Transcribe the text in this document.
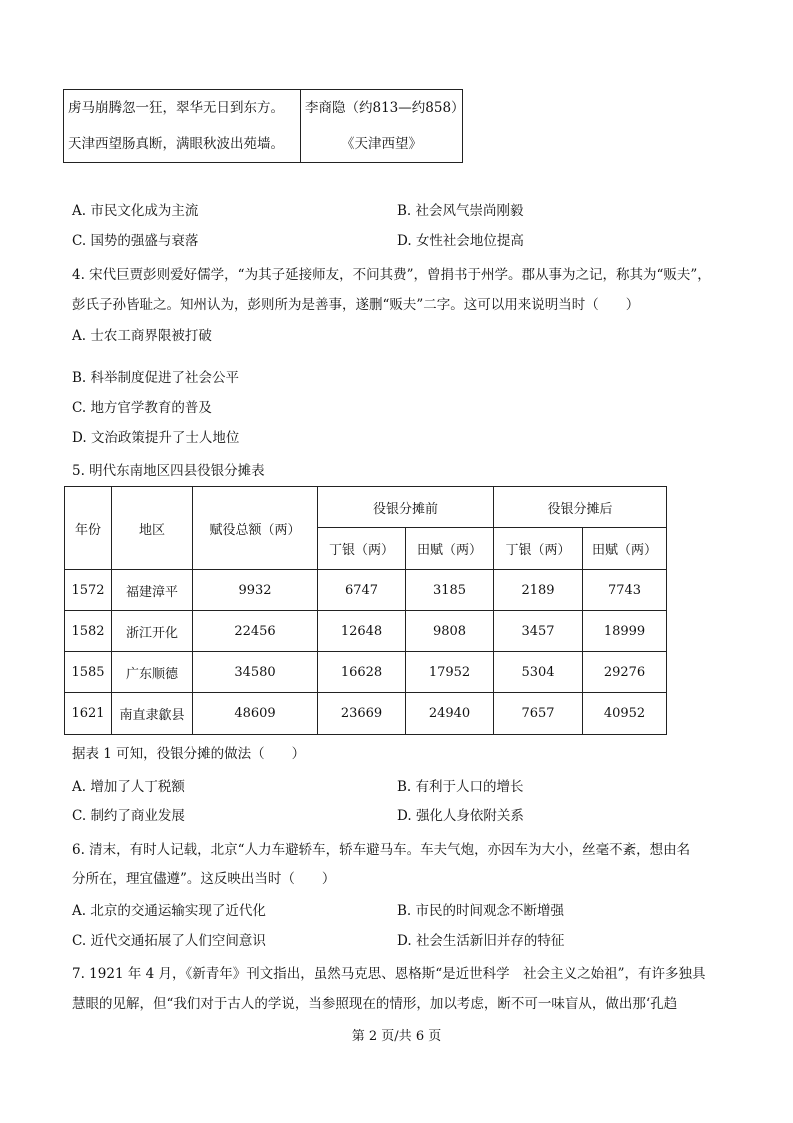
虏马崩腾忽一狂，翠华无日到东方。	李商隐（约813—约858）
天津西望肠真断，满眼秋波出苑墙。	《天津西望》
A. 市民文化成为主流	B. 社会风气崇尚刚毅
C. 国势的强盛与衰落	D. 女性社会地位提高
4. 宋代巨贾彭则爱好儒学，“为其子延接师友，不问其费”，曾捐书于州学。郡从事为之记，称其为“贩夫”，
彭氏子孙皆耻之。知州认为，彭则所为是善事，遂删“贩夫”二字。这可以用来说明当时（　　）
A. 士农工商界限被打破
B. 科举制度促进了社会公平
C. 地方官学教育的普及
D. 文治政策提升了士人地位
5. 明代东南地区四县役银分摊表
年份	地区	赋役总额（两）	役银分摊前		役银分摊后	
			丁银（两）	田赋（两）	丁银（两）	田赋（两）
1572	福建漳平	9932	6747	3185	2189	7743
1582	浙江开化	22456	12648	9808	3457	18999
1585	广东顺德	34580	16628	17952	5304	29276
1621	南直隶歙县	48609	23669	24940	7657	40952
据表 1 可知，役银分摊的做法（　　）
A. 增加了人丁税额	B. 有利于人口的增长
C. 制约了商业发展	D. 强化人身依附关系
6. 清末，有时人记载，北京“人力车避轿车，轿车避马车。车夫气炮，亦因车为大小，丝毫不紊，想由名
分所在，理宜儘遵”。这反映出当时（　　）
A. 北京的交通运输实现了近代化	B. 市民的时间观念不断增强
C. 近代交通拓展了人们空间意识	D. 社会生活新旧并存的特征
7. 1921 年 4 月，《新青年》刊文指出，虽然马克思、恩格斯“是近世科学　社会主义之始祖”，有许多独具
慧眼的见解，但“我们对于古人的学说，当参照现在的情形，加以考虑，断不可一味盲从，做出那‘孔趋
第 2 页/共 6 页
